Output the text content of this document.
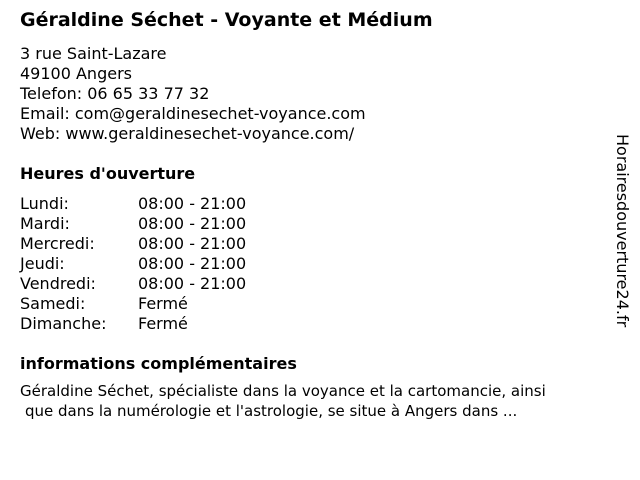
Géraldine Séchet - Voyante et Médium
3 rue Saint-Lazare
49100 Angers
Telefon: 06 65 33 77 32
Email: com@geraldinesechet-voyance.com
Web: www.geraldinesechet-voyance.com/
Heures d'ouverture
Lundi:	08:00 - 21:00
Mardi:	08:00 - 21:00
Mercredi:	08:00 - 21:00
Jeudi:	08:00 - 21:00
Vendredi:	08:00 - 21:00
Samedi:	Fermé
Dimanche: Fermé
informations complémentaires
Géraldine Séchet, spécialiste dans la voyance et la cartomancie, ainsi
que dans la numérologie et l'astrologie, se situe à Angers dans ...
Horairesdouverture24.fr
